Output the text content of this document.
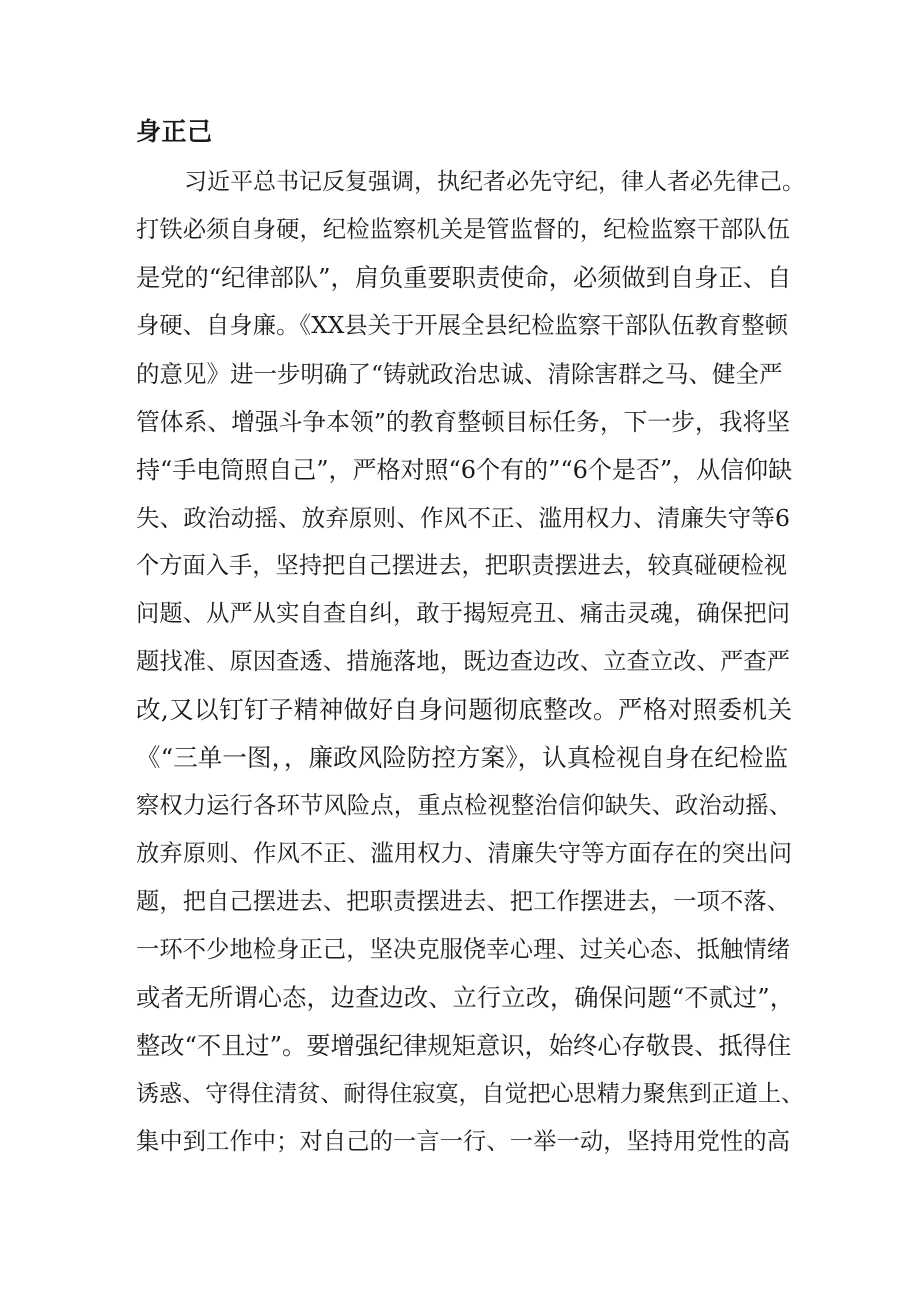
身正己
习近平总书记反复强调，执纪者必先守纪，律人者必先律己。
打铁必须自身硬，纪检监察机关是管监督的，纪检监察干部队伍
是党的“纪律部队”，肩负重要职责使命，必须做到自身正、自
身硬、自身廉。《XX县关于开展全县纪检监察干部队伍教育整顿
的意见》进一步明确了“铸就政治忠诚、清除害群之马、健全严
管体系、增强斗争本领”的教育整顿目标任务，下一步，我将坚
持“手电筒照自己”，严格对照“6个有的”“6个是否”，从信仰缺
失、政治动摇、放弃原则、作风不正、滥用权力、清廉失守等6
个方面入手，坚持把自己摆进去，把职责摆进去，较真碰硬检视
问题、从严从实自查自纠，敢于揭短亮丑、痛击灵魂，确保把问
题找准、原因查透、措施落地，既边查边改、立查立改、严查严
改,又以钉钉子精神做好自身问题彻底整改。严格对照委机关
《“三单一图，，廉政风险防控方案》，认真检视自身在纪检监
察权力运行各环节风险点，重点检视整治信仰缺失、政治动摇、
放弃原则、作风不正、滥用权力、清廉失守等方面存在的突出问
题，把自己摆进去、把职责摆进去、把工作摆进去，一项不落、
一环不少地检身正己，坚决克服侥幸心理、过关心态、抵触情绪
或者无所谓心态，边查边改、立行立改，确保问题“不贰过”，
整改“不且过”。要增强纪律规矩意识，始终心存敬畏、抵得住
诱惑、守得住清贫、耐得住寂寞，自觉把心思精力聚焦到正道上、
集中到工作中；对自己的一言一行、一举一动，坚持用党性的高
